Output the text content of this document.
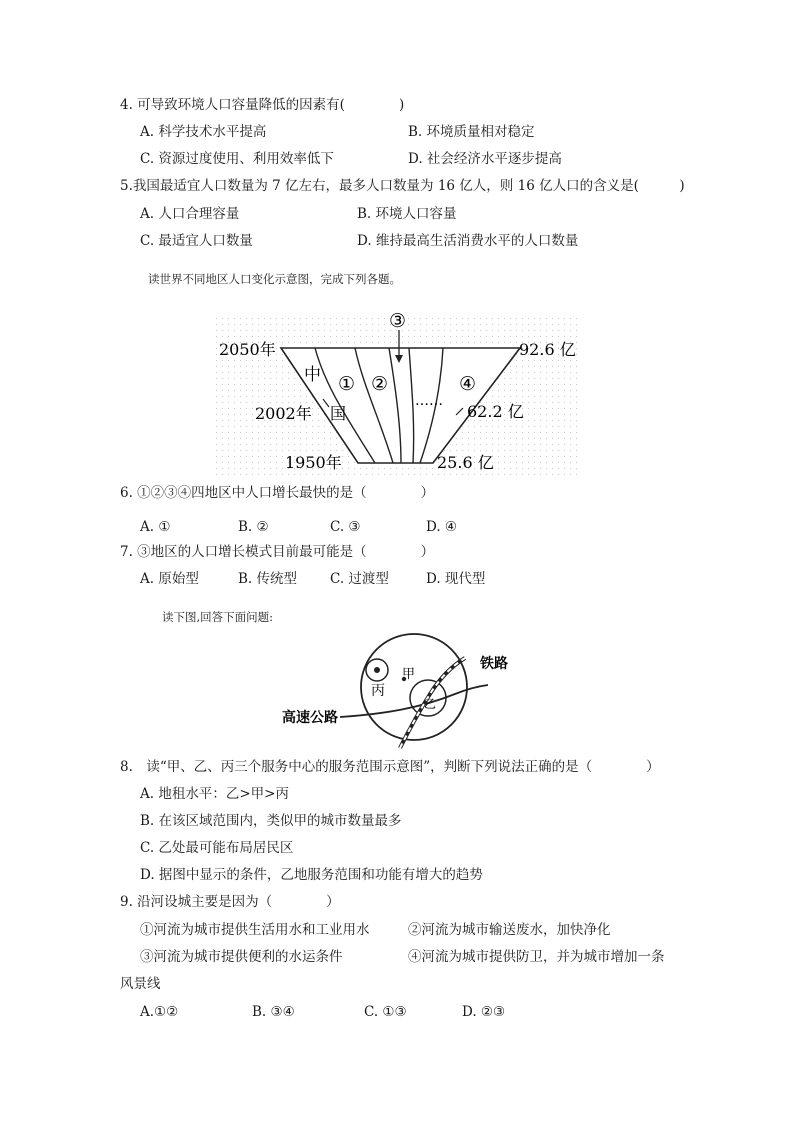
4. 可导致环境人口容量降低的因素有(　　　　)
A. 科学技术水平提高	B. 环境质量相对稳定
C. 资源过度使用、利用效率低下	D. 社会经济水平逐步提高
5.我国最适宜人口数量为 7 亿左右，最多人口数量为 16 亿人，则 16 亿人口的含义是(　　　)
A. 人口合理容量	B. 环境人口容量
C. 最适宜人口数量	D. 维持最高生活消费水平的人口数量
读世界不同地区人口变化示意图，完成下列各题。
2050年
2002年
1950年
92.6 亿
62.2 亿
25.6 亿
中
国
① ②
③
④
……
6. ①②③④四地区中人口增长最快的是（　　　　）
A. ①	B. ②	C. ③	D. ④
7. ③地区的人口增长模式目前最可能是（　　　　）
A. 原始型	B. 传统型 C. 过渡型	D. 现代型
读下图,回答下面问题:
丙
甲
乙
铁路
高速公路
8.　读“甲、乙、丙三个服务中心的服务范围示意图”，判断下列说法正确的是（　　　　）
A. 地租水平：乙>甲>丙
B. 在该区域范围内，类似甲的城市数量最多
C. 乙处最可能布局居民区
D. 据图中显示的条件，乙地服务范围和功能有增大的趋势
9. 沿河设城主要是因为（　　　　）
①河流为城市提供生活用水和工业用水	②河流为城市输送废水，加快净化
③河流为城市提供便利的水运条件	④河流为城市提供防卫，并为城市增加一条
风景线
A.①②	B. ③④	C. ①③	D. ②③
